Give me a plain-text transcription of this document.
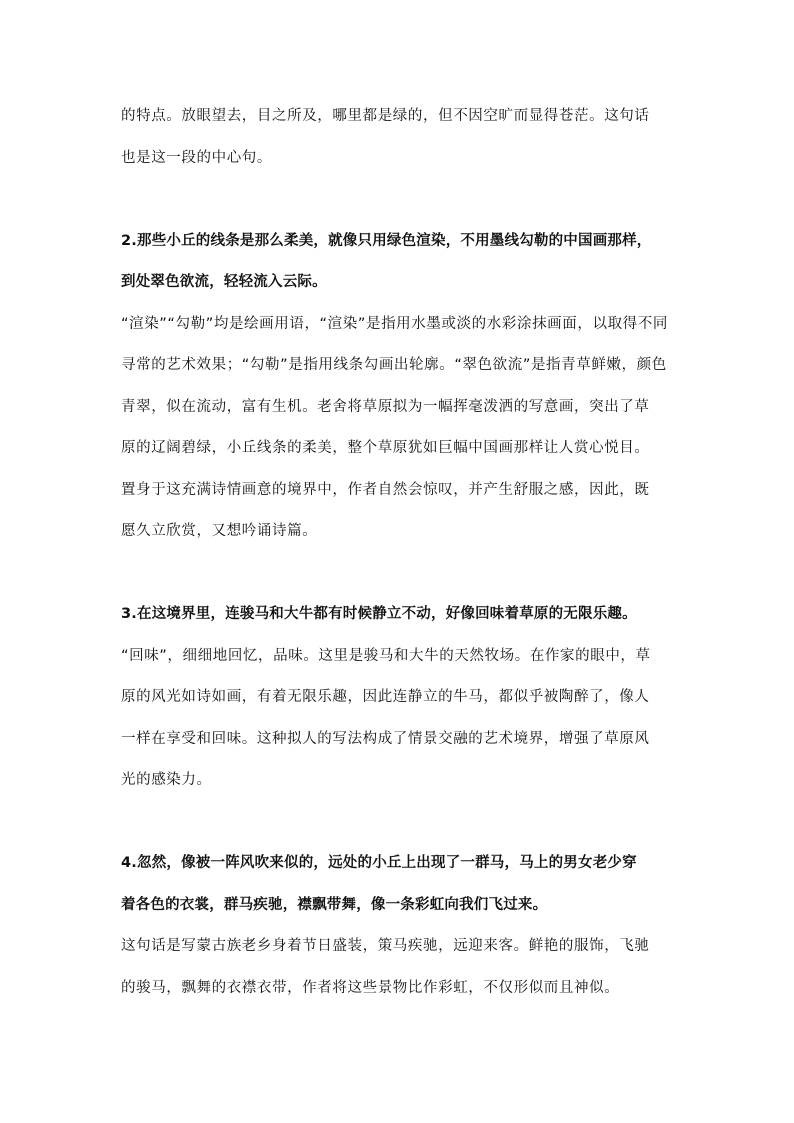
的特点。放眼望去，目之所及，哪里都是绿的，但不因空旷而显得苍茫。这句话
也是这一段的中心句。
2.那些小丘的线条是那么柔美，就像只用绿色渲染，不用墨线勾勒的中国画那样，
到处翠色欲流，轻轻流入云际。
“渲染”“勾勒”均是绘画用语，“渲染”是指用水墨或淡的水彩涂抹画面，以取得不同
寻常的艺术效果；“勾勒”是指用线条勾画出轮廓。“翠色欲流”是指青草鲜嫩，颜色
青翠，似在流动，富有生机。老舍将草原拟为一幅挥毫泼洒的写意画，突出了草
原的辽阔碧绿，小丘线条的柔美，整个草原犹如巨幅中国画那样让人赏心悦目。
置身于这充满诗情画意的境界中，作者自然会惊叹，并产生舒服之感，因此，既
愿久立欣赏，又想吟诵诗篇。
3.在这境界里，连骏马和大牛都有时候静立不动，好像回味着草原的无限乐趣。
“回味”，细细地回忆，品味。这里是骏马和大牛的天然牧场。在作家的眼中，草
原的风光如诗如画，有着无限乐趣，因此连静立的牛马，都似乎被陶醉了，像人
一样在享受和回味。这种拟人的写法构成了情景交融的艺术境界，增强了草原风
光的感染力。
4.忽然，像被一阵风吹来似的，远处的小丘上出现了一群马，马上的男女老少穿
着各色的衣裳，群马疾驰，襟飘带舞，像一条彩虹向我们飞过来。
这句话是写蒙古族老乡身着节日盛装，策马疾驰，远迎来客。鲜艳的服饰，飞驰
的骏马，飘舞的衣襟衣带，作者将这些景物比作彩虹，不仅形似而且神似。
